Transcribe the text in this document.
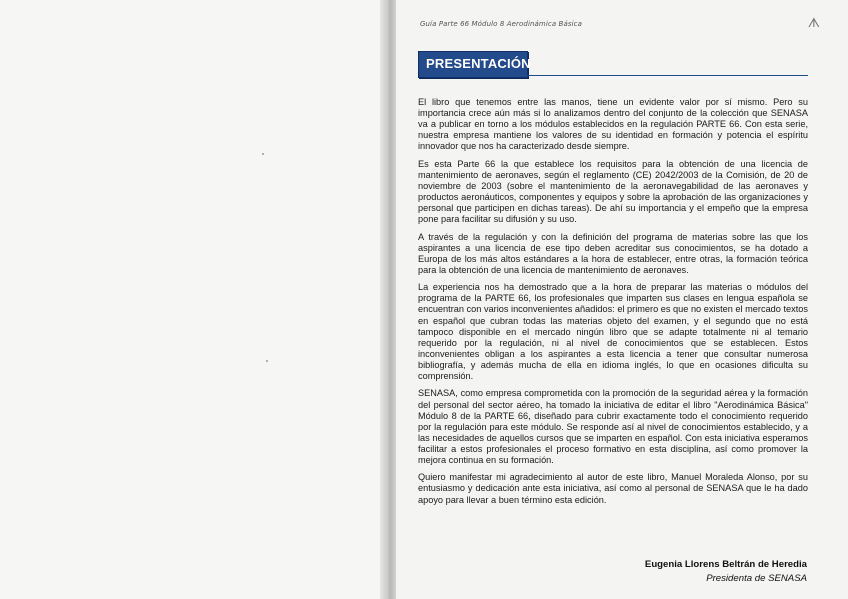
Guía Parte 66 Módulo 8 Aerodinámica Básica	ᗑ
PRESENTACIÓN

El libro que tenemos entre las manos, tiene un evidente valor por sí mismo. Pero su importancia crece aún más si lo analizamos dentro del conjunto de la colección que SENASA va a publicar en torno a los módulos establecidos en la regulación PARTE 66. Con esta serie, nuestra empresa mantiene los valores de su identidad en formación y potencia el espíritu innovador que nos ha caracterizado desde siempre.

Es esta Parte 66 la que establece los requisitos para la obtención de una licencia de mantenimiento de aeronaves, según el reglamento (CE) 2042/2003 de la Comisión, de 20 de noviembre de 2003 (sobre el mantenimiento de la aeronavegabilidad de las aeronaves y productos aeronáuticos, componentes y equipos y sobre la aprobación de las organizaciones y personal que participen en dichas tareas). De ahí su importancia y el empeño que la empresa pone para facilitar su difusión y su uso.

A través de la regulación y con la definición del programa de materias sobre las que los aspirantes a una licencia de ese tipo deben acreditar sus conocimientos, se ha dotado a Europa de los más altos estándares a la hora de establecer, entre otras, la formación teórica para la obtención de una licencia de mantenimiento de aeronaves.

La experiencia nos ha demostrado que a la hora de preparar las materias o módulos del programa de la PARTE 66, los profesionales que imparten sus clases en lengua española se encuentran con varios inconvenientes añadidos: el primero es que no existen el mercado textos en español que cubran todas las materias objeto del examen, y el segundo que no está tampoco disponible en el mercado ningún libro que se adapte totalmente ni al temario requerido por la regulación, ni al nivel de conocimientos que se establecen. Estos inconvenientes obligan a los aspirantes a esta licencia a tener que consultar numerosa bibliografía, y además mucha de ella en idioma inglés, lo que en ocasiones dificulta su comprensión.

SENASA, como empresa comprometida con la promoción de la seguridad aérea y la formación del personal del sector aéreo, ha tomado la iniciativa de editar el libro "Aerodinámica Básica" Módulo 8 de la PARTE 66, diseñado para cubrir exactamente todo el conocimiento requerido por la regulación para este módulo. Se responde así al nivel de conocimientos establecido, y a las necesidades de aquellos cursos que se imparten en español. Con esta iniciativa esperamos facilitar a estos profesionales el proceso formativo en esta disciplina, así como promover la mejora continua en su formación.

Quiero manifestar mi agradecimiento al autor de este libro, Manuel Moraleda Alonso, por su entusiasmo y dedicación ante esta iniciativa, así como al personal de SENASA que le ha dado apoyo para llevar a buen término esta edición.

Eugenia Llorens Beltrán de Heredia
Presidenta de SENASA
